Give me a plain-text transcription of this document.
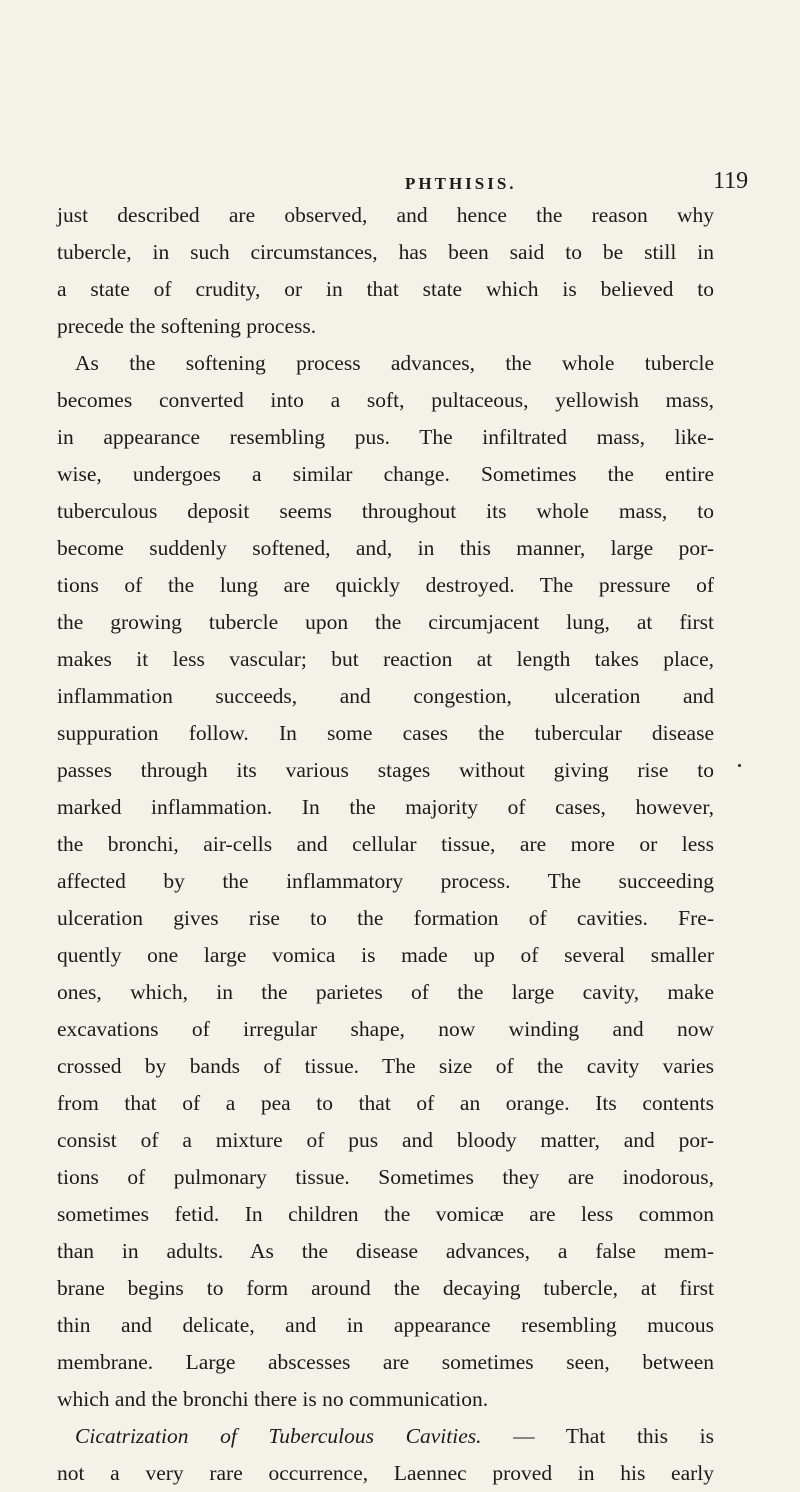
PHTHISIS.	119
just described are observed, and hence the reason why
tubercle, in such circumstances, has been said to be still in
a state of crudity, or in that state which is believed to
precede the softening process.
As the softening process advances, the whole tubercle
becomes converted into a soft, pultaceous, yellowish mass,
in appearance resembling pus. The infiltrated mass, like-
wise, undergoes a similar change. Sometimes the entire
tuberculous deposit seems throughout its whole mass, to
become suddenly softened, and, in this manner, large por-
tions of the lung are quickly destroyed. The pressure of
the growing tubercle upon the circumjacent lung, at first
makes it less vascular; but reaction at length takes place,
inflammation succeeds, and congestion, ulceration and
suppuration follow. In some cases the tubercular disease
passes through its various stages without giving rise to
marked inflammation. In the majority of cases, however,
the bronchi, air-cells and cellular tissue, are more or less
affected by the inflammatory process. The succeeding
ulceration gives rise to the formation of cavities. Fre-
quently one large vomica is made up of several smaller
ones, which, in the parietes of the large cavity, make
excavations of irregular shape, now winding and now
crossed by bands of tissue. The size of the cavity varies
from that of a pea to that of an orange. Its contents
consist of a mixture of pus and bloody matter, and por-
tions of pulmonary tissue. Sometimes they are inodorous,
sometimes fetid. In children the vomicæ are less common
than in adults. As the disease advances, a false mem-
brane begins to form around the decaying tubercle, at first
thin and delicate, and in appearance resembling mucous
membrane. Large abscesses are sometimes seen, between
which and the bronchi there is no communication.
Cicatrization of Tuberculous Cavities. — That this is
not a very rare occurrence, Laennec proved in his early
